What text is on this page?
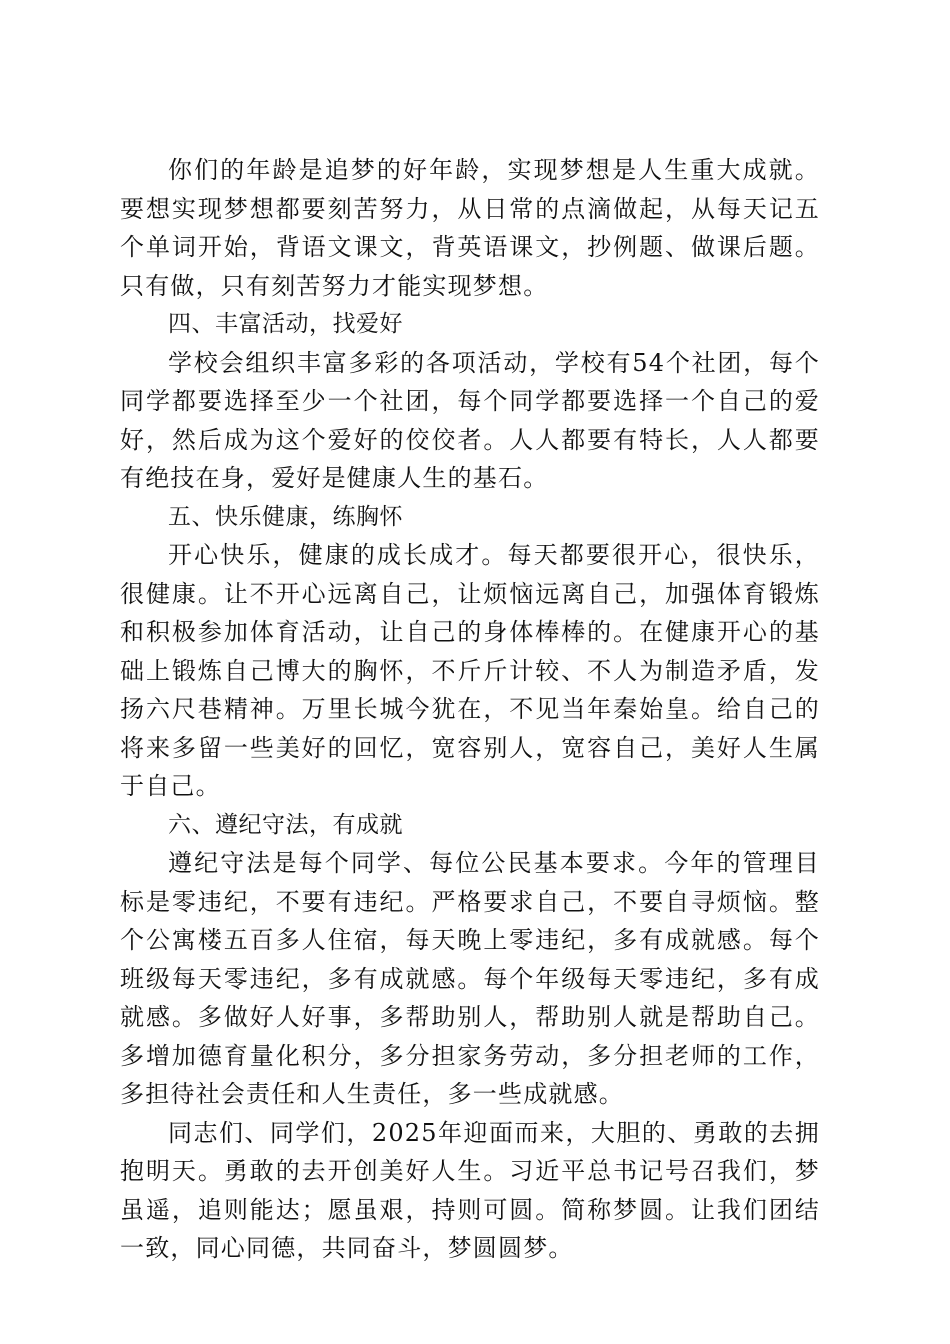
你们的年龄是追梦的好年龄，实现梦想是人生重大成就。要想实现梦想都要刻苦努力，从日常的点滴做起，从每天记五个单词开始，背语文课文，背英语课文，抄例题、做课后题。只有做，只有刻苦努力才能实现梦想。

四、丰富活动，找爱好

学校会组织丰富多彩的各项活动，学校有54个社团，每个同学都要选择至少一个社团，每个同学都要选择一个自己的爱好，然后成为这个爱好的佼佼者。人人都要有特长，人人都要有绝技在身，爱好是健康人生的基石。

五、快乐健康，练胸怀

开心快乐，健康的成长成才。每天都要很开心，很快乐，很健康。让不开心远离自己，让烦恼远离自己，加强体育锻炼和积极参加体育活动，让自己的身体棒棒的。在健康开心的基础上锻炼自己博大的胸怀，不斤斤计较、不人为制造矛盾，发扬六尺巷精神。万里长城今犹在，不见当年秦始皇。给自己的将来多留一些美好的回忆，宽容别人，宽容自己，美好人生属于自己。

六、遵纪守法，有成就

遵纪守法是每个同学、每位公民基本要求。今年的管理目标是零违纪，不要有违纪。严格要求自己，不要自寻烦恼。整个公寓楼五百多人住宿，每天晚上零违纪，多有成就感。每个班级每天零违纪，多有成就感。每个年级每天零违纪，多有成就感。多做好人好事，多帮助别人，帮助别人就是帮助自己。多增加德育量化积分，多分担家务劳动，多分担老师的工作，多担待社会责任和人生责任，多一些成就感。

同志们、同学们，2025年迎面而来，大胆的、勇敢的去拥抱明天。勇敢的去开创美好人生。习近平总书记号召我们，梦虽遥，追则能达；愿虽艰，持则可圆。简称梦圆。让我们团结一致，同心同德，共同奋斗，梦圆圆梦。
